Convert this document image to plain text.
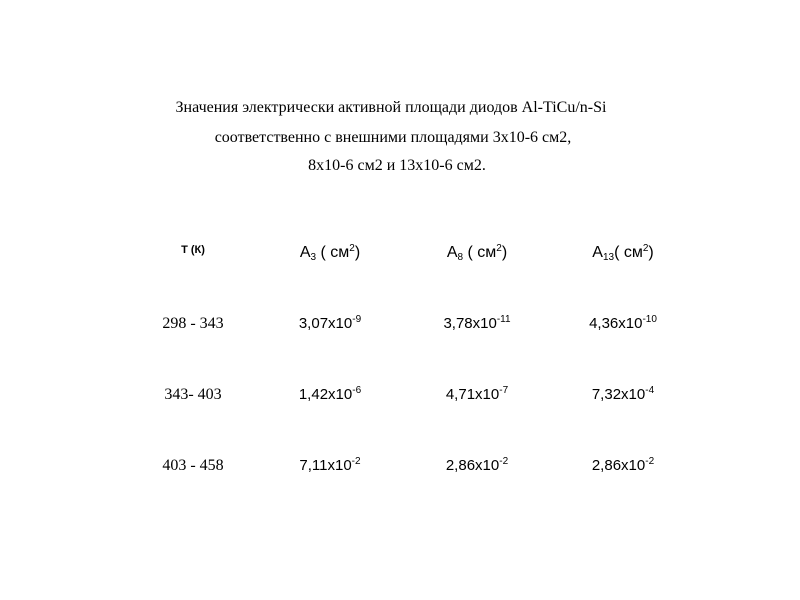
Значения электрически активной площади диодов Al-TiCu/n-Si
соответственно с внешними площадями 3х10-6 см2,
8х10-6 см2 и 13х10-6 см2.
Т (К)	$A_3$ ( $см^2$)	$A_8$ ( $см^2$)	$A_{13}$( $см^2$)
298 - 343	$3,07х10^{-9}$	$3,78х10^{-11}$	$4,36х10^{-10}$
343- 403	$1,42х10^{-6}$	$4,71х10^{-7}$	$7,32х10^{-4}$
403 - 458	$7,11х10^{-2}$	$2,86х10^{-2}$	$2,86х10^{-2}$
